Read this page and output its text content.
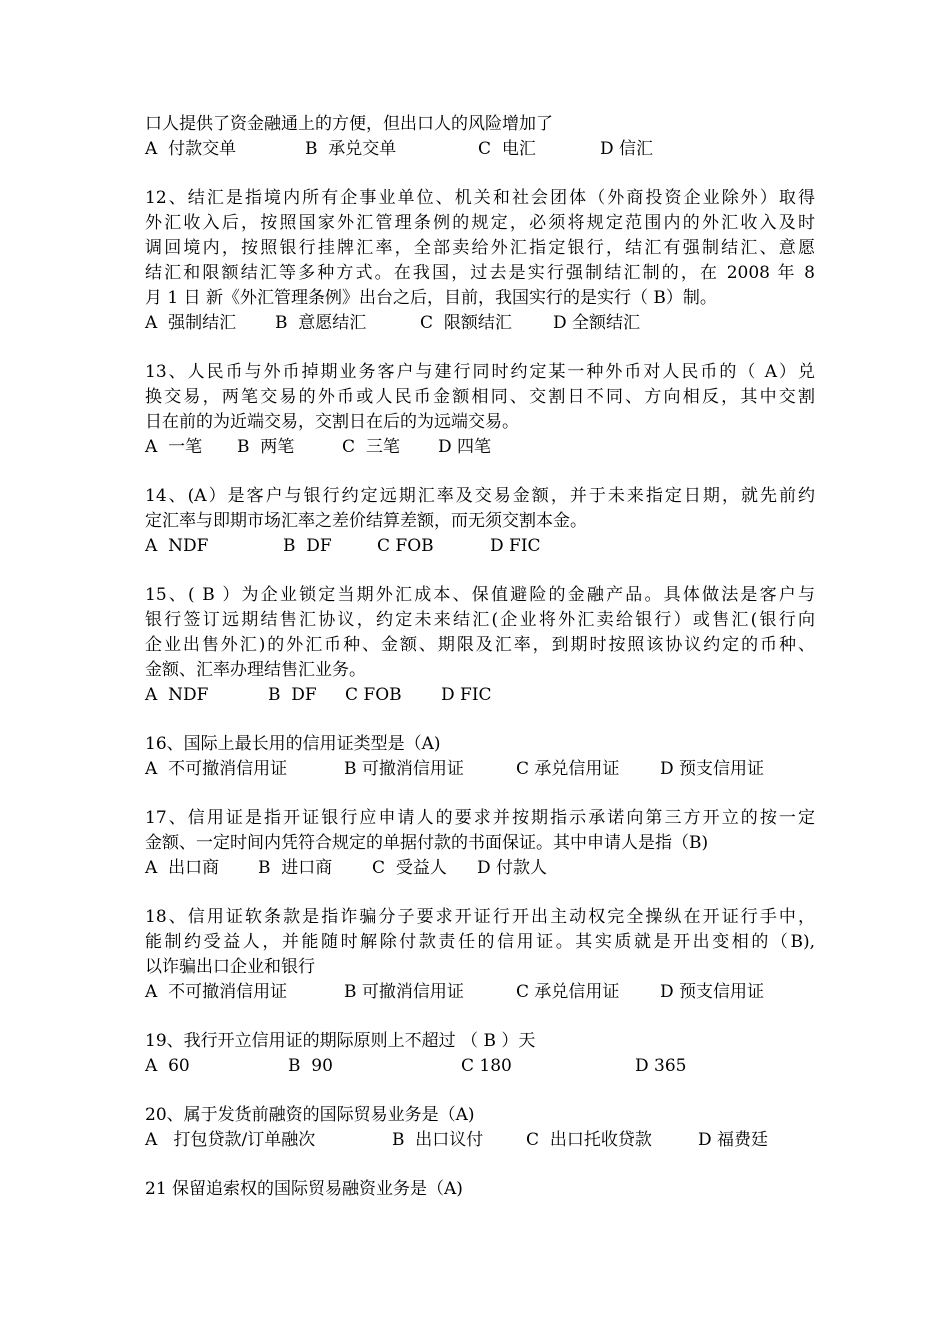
口人提供了资金融通上的方便，但出口人的风险增加了

A  付款交单

	B  承兑交单

	C  电汇

	D 信汇

12、结汇是指境内所有企事业单位、机关和社会团体（外商投资企业除外）取得
外汇收入后，按照国家外汇管理条例的规定，必须将规定范围内的外汇收入及时
调回境内，按照银行挂牌汇率，全部卖给外汇指定银行，结汇有强制结汇、意愿
结汇和限额结汇等多种方式。在我国，过去是实行强制结汇制的，在 2008 年 8
月 1 日 新《外汇管理条例》出台之后，目前，我国实行的是实行（ B）制。

A  强制结汇

B  意愿结汇

	C  限额结汇

D 全额结汇

13、人民币与外币掉期业务客户与建行同时约定某一种外币对人民币的（ A）兑
换交易，两笔交易的外币或人民币金额相同、交割日不同、方向相反，其中交割
日在前的为近端交易，交割日在后的为远端交易。

A  一笔

B  两笔

	C  三笔

D 四笔

14、(A）是客户与银行约定远期汇率及交易金额，并于未来指定日期，就先前约
定汇率与即期市场汇率之差价结算差额，而无须交割本金。

A  NDF

	B  DF

	C FOB

	D FIC

15、( B ）为企业锁定当期外汇成本、保值避险的金融产品。具体做法是客户与
银行签订远期结售汇协议，约定未来结汇(企业将外汇卖给银行）或售汇(银行向
企业出售外汇)的外汇币种、金额、期限及汇率，到期时按照该协议约定的币种、
金额、汇率办理结售汇业务。

A  NDF

	B  DF

C FOB

D FIC

16、国际上最长用的信用证类型是（A)

A  不可撤消信用证

	B 可撤消信用证

	C 承兑信用证

D 预支信用证

17、信用证是指开证银行应申请人的要求并按期指示承诺向第三方开立的按一定
金额、一定时间内凭符合规定的单据付款的书面保证。其中申请人是指（B)

A  出口商

B  进口商

C  受益人

D 付款人

18、信用证软条款是指诈骗分子要求开证行开出主动权完全操纵在开证行手中，
能制约受益人，并能随时解除付款责任的信用证。其实质就是开出变相的（B),
以诈骗出口企业和银行

A  不可撤消信用证

	B 可撤消信用证

	C 承兑信用证

D 预支信用证

19、我行开立信用证的期际原则上不超过 （ B ）天

A  60

	B  90

	C 180

	D 365

20、属于发货前融资的国际贸易业务是（A)

A   打包贷款/订单融次

	B  出口议付

	C  出口托收贷款

	D 福费廷

21 保留追索权的国际贸易融资业务是（A)
